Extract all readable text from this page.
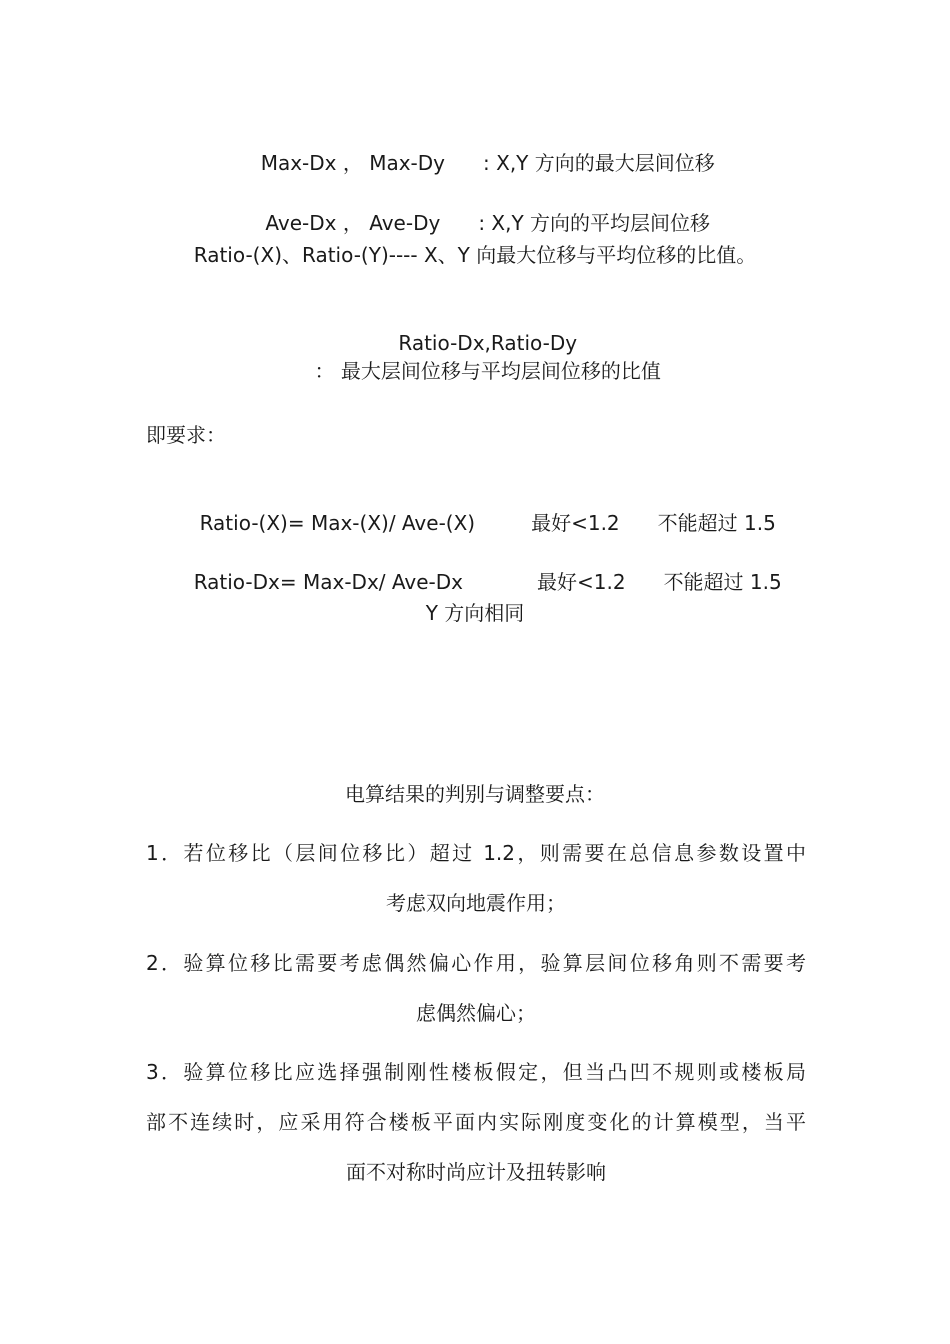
Max-Dx ， Max-Dy : X,Y 方向的最大层间位移

Ave-Dx ， Ave-Dy : X,Y 方向的平均层间位移

Ratio-(X)、Ratio-(Y)---- X、Y 向最大位移与平均位移的比值。

Ratio-Dx,Ratio-Dy
： 最大层间位移与平均层间位移的比值

即要求：

Ratio-(X)= Max-(X)/ Ave-(X)	最好<1.2 不能超过 1.5

Ratio-Dx= Max-Dx/ Ave-Dx	最好<1.2 不能超过 1.5

Y 方向相同
电算结果的判别与调整要点：
1．若位移比（层间位移比）超过 1.2，则需要在总信息参数设置中
考虑双向地震作用；
2．验算位移比需要考虑偶然偏心作用，验算层间位移角则不需要考
虑偶然偏心；
3．验算位移比应选择强制刚性楼板假定，但当凸凹不规则或楼板局
部不连续时，应采用符合楼板平面内实际刚度变化的计算模型，当平
面不对称时尚应计及扭转影响
